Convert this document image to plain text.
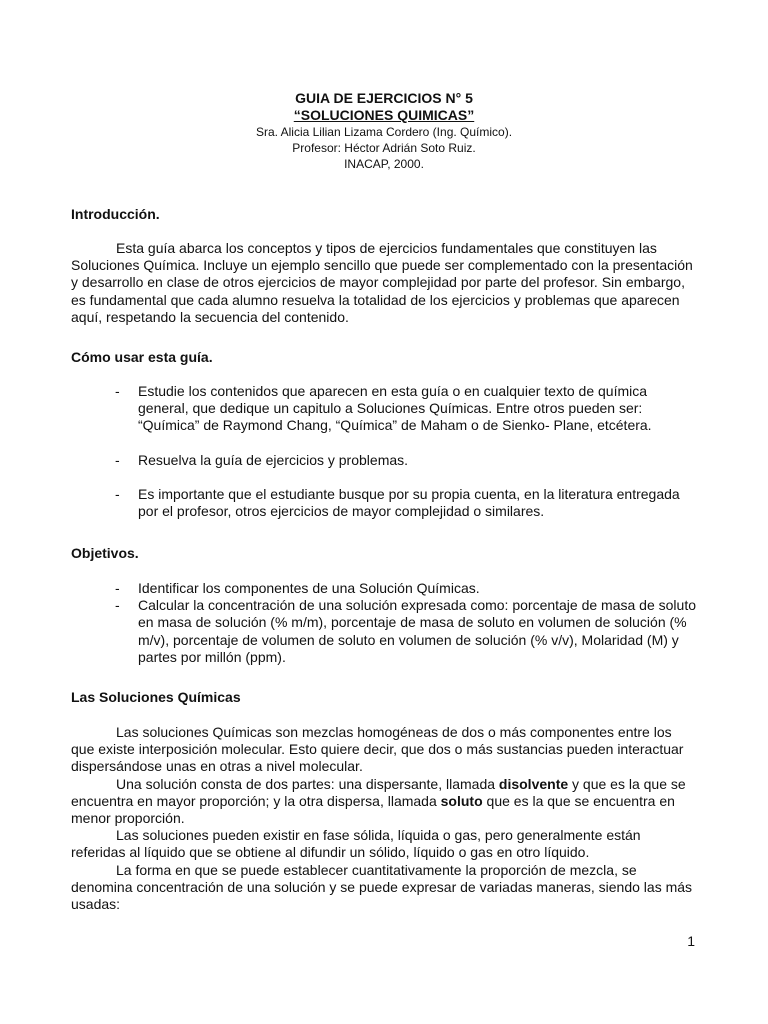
GUIA DE EJERCICIOS N° 5
“SOLUCIONES QUIMICAS”
Sra. Alicia Lilian Lizama Cordero (Ing. Químico).
Profesor: Héctor Adrián Soto Ruiz.
INACAP, 2000.
Introducción.

Esta guía abarca los conceptos y tipos de ejercicios fundamentales que constituyen las Soluciones Química. Incluye un ejemplo sencillo que puede ser complementado con la presentación y desarrollo en clase de otros ejercicios de mayor complejidad por parte del profesor. Sin embargo, es fundamental que cada alumno resuelva la totalidad de los ejercicios y problemas que aparecen aquí, respetando la secuencia del contenido.

Cómo usar esta guía.
- Estudie los contenidos que aparecen en esta guía o en cualquier texto de química general, que dedique un capitulo a Soluciones Químicas. Entre otros pueden ser: “Química” de Raymond Chang, “Química” de Maham o de Sienko- Plane, etcétera.
- Resuelva la guía de ejercicios y problemas.
- Es importante que el estudiante busque por su propia cuenta, en la literatura entregada por el profesor, otros ejercicios de mayor complejidad o similares.
Objetivos.
- Identificar los componentes de una Solución Químicas.
- Calcular la concentración de una solución expresada como: porcentaje de masa de soluto en masa de solución (% m/m), porcentaje de masa de soluto en volumen de solución (% m/v), porcentaje de volumen de soluto en volumen de solución (% v/v), Molaridad (M) y partes por millón (ppm).
Las Soluciones Químicas

Las soluciones Químicas son mezclas homogéneas de dos o más componentes entre los que existe interposición molecular. Esto quiere decir, que dos o más sustancias pueden interactuar dispersándose unas en otras a nivel molecular.

Una solución consta de dos partes: una dispersante, llamada disolvente y que es la que se encuentra en mayor proporción; y la otra dispersa, llamada soluto que es la que se encuentra en menor proporción.

Las soluciones pueden existir en fase sólida, líquida o gas, pero generalmente están referidas al líquido que se obtiene al difundir un sólido, líquido o gas en otro líquido.

La forma en que se puede establecer cuantitativamente la proporción de mezcla, se denomina concentración de una solución y se puede expresar de variadas maneras, siendo las más usadas:

1
